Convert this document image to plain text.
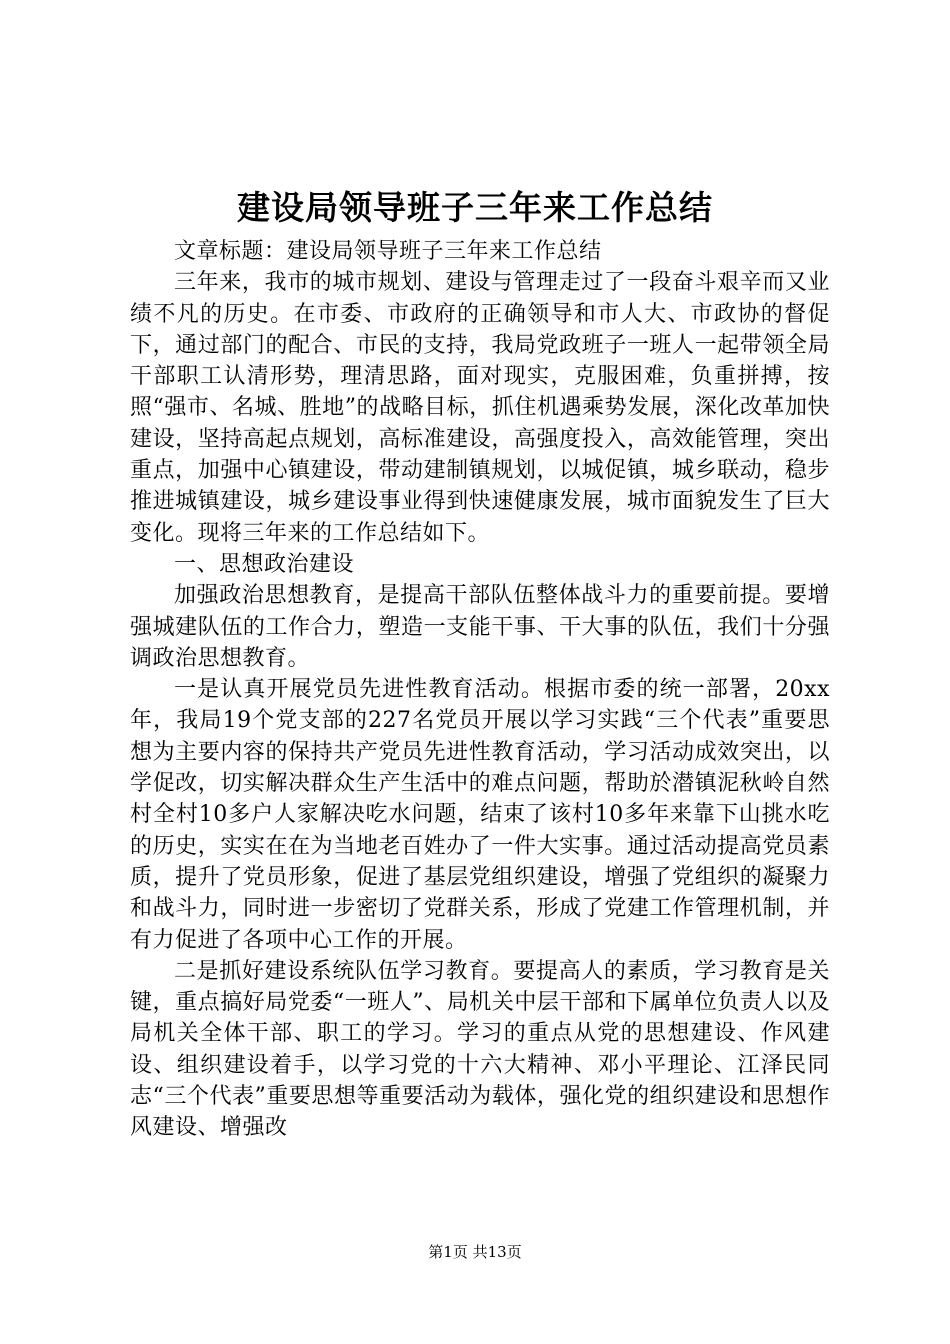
建设局领导班子三年来工作总结

文章标题：建设局领导班子三年来工作总结

三年来，我市的城市规划、建设与管理走过了一段奋斗艰辛而又业绩不凡的历史。在市委、市政府的正确领导和市人大、市政协的督促下，通过部门的配合、市民的支持，我局党政班子一班人一起带领全局干部职工认清形势，理清思路，面对现实，克服困难，负重拼搏，按照“强市、名城、胜地”的战略目标，抓住机遇乘势发展，深化改革加快建设，坚持高起点规划，高标准建设，高强度投入，高效能管理，突出重点，加强中心镇建设，带动建制镇规划，以城促镇，城乡联动，稳步推进城镇建设，城乡建设事业得到快速健康发展，城市面貌发生了巨大变化。现将三年来的工作总结如下。

一、思想政治建设

加强政治思想教育，是提高干部队伍整体战斗力的重要前提。要增强城建队伍的工作合力，塑造一支能干事、干大事的队伍，我们十分强调政治思想教育。

一是认真开展党员先进性教育活动。根据市委的统一部署，20xx年，我局19个党支部的227名党员开展以学习实践“三个代表”重要思想为主要内容的保持共产党员先进性教育活动，学习活动成效突出，以学促改，切实解决群众生产生活中的难点问题，帮助於潜镇泥秋岭自然村全村10多户人家解决吃水问题，结束了该村10多年来靠下山挑水吃的历史，实实在在为当地老百姓办了一件大实事。通过活动提高党员素质，提升了党员形象，促进了基层党组织建设，增强了党组织的凝聚力和战斗力，同时进一步密切了党群关系，形成了党建工作管理机制，并有力促进了各项中心工作的开展。

二是抓好建设系统队伍学习教育。要提高人的素质，学习教育是关键，重点搞好局党委“一班人”、局机关中层干部和下属单位负责人以及局机关全体干部、职工的学习。学习的重点从党的思想建设、作风建设、组织建设着手，以学习党的十六大精神、邓小平理论、江泽民同志“三个代表”重要思想等重要活动为载体，强化党的组织建设和思想作风建设、增强改

第1页 共13页
